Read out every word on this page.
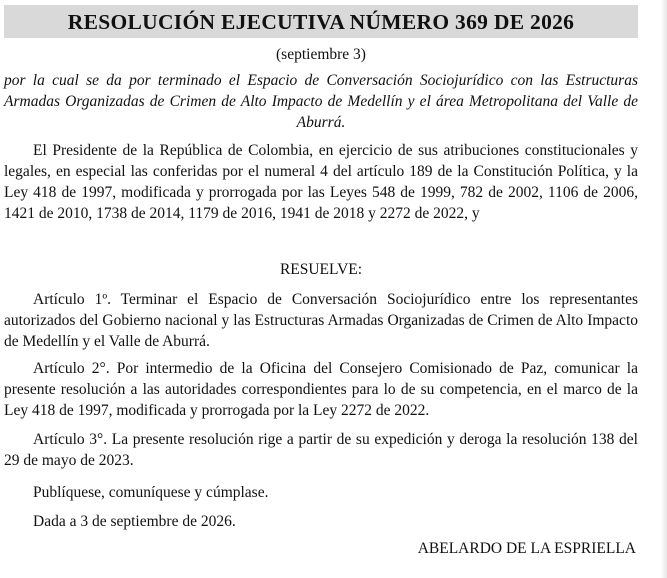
RESOLUCIÓN EJECUTIVA NÚMERO 369 DE 2026
(septiembre 3)
por la cual se da por terminado el Espacio de Conversación Sociojurídico con las Estructuras Armadas Organizadas de Crimen de Alto Impacto de Medellín y el área Metropolitana del Valle de Aburrá.
El Presidente de la República de Colombia, en ejercicio de sus atribuciones constitucionales y legales, en especial las conferidas por el numeral 4 del artículo 189 de la Constitución Política, y la Ley 418 de 1997, modificada y prorrogada por las Leyes 548 de 1999, 782 de 2002, 1106 de 2006, 1421 de 2010, 1738 de 2014, 1179 de 2016, 1941 de 2018 y 2272 de 2022, y
RESUELVE:
Artículo 1º. Terminar el Espacio de Conversación Sociojurídico entre los representantes autorizados del Gobierno nacional y las Estructuras Armadas Organizadas de Crimen de Alto Impacto de Medellín y el Valle de Aburrá.
Artículo 2°. Por intermedio de la Oficina del Consejero Comisionado de Paz, comunicar la presente resolución a las autoridades correspondientes para lo de su competencia, en el marco de la Ley 418 de 1997, modificada y prorrogada por la Ley 2272 de 2022.
Artículo 3°. La presente resolución rige a partir de su expedición y deroga la resolución 138 del 29 de mayo de 2023.
Publíquese, comuníquese y cúmplase.
Dada a 3 de septiembre de 2026.
ABELARDO DE LA ESPRIELLA
